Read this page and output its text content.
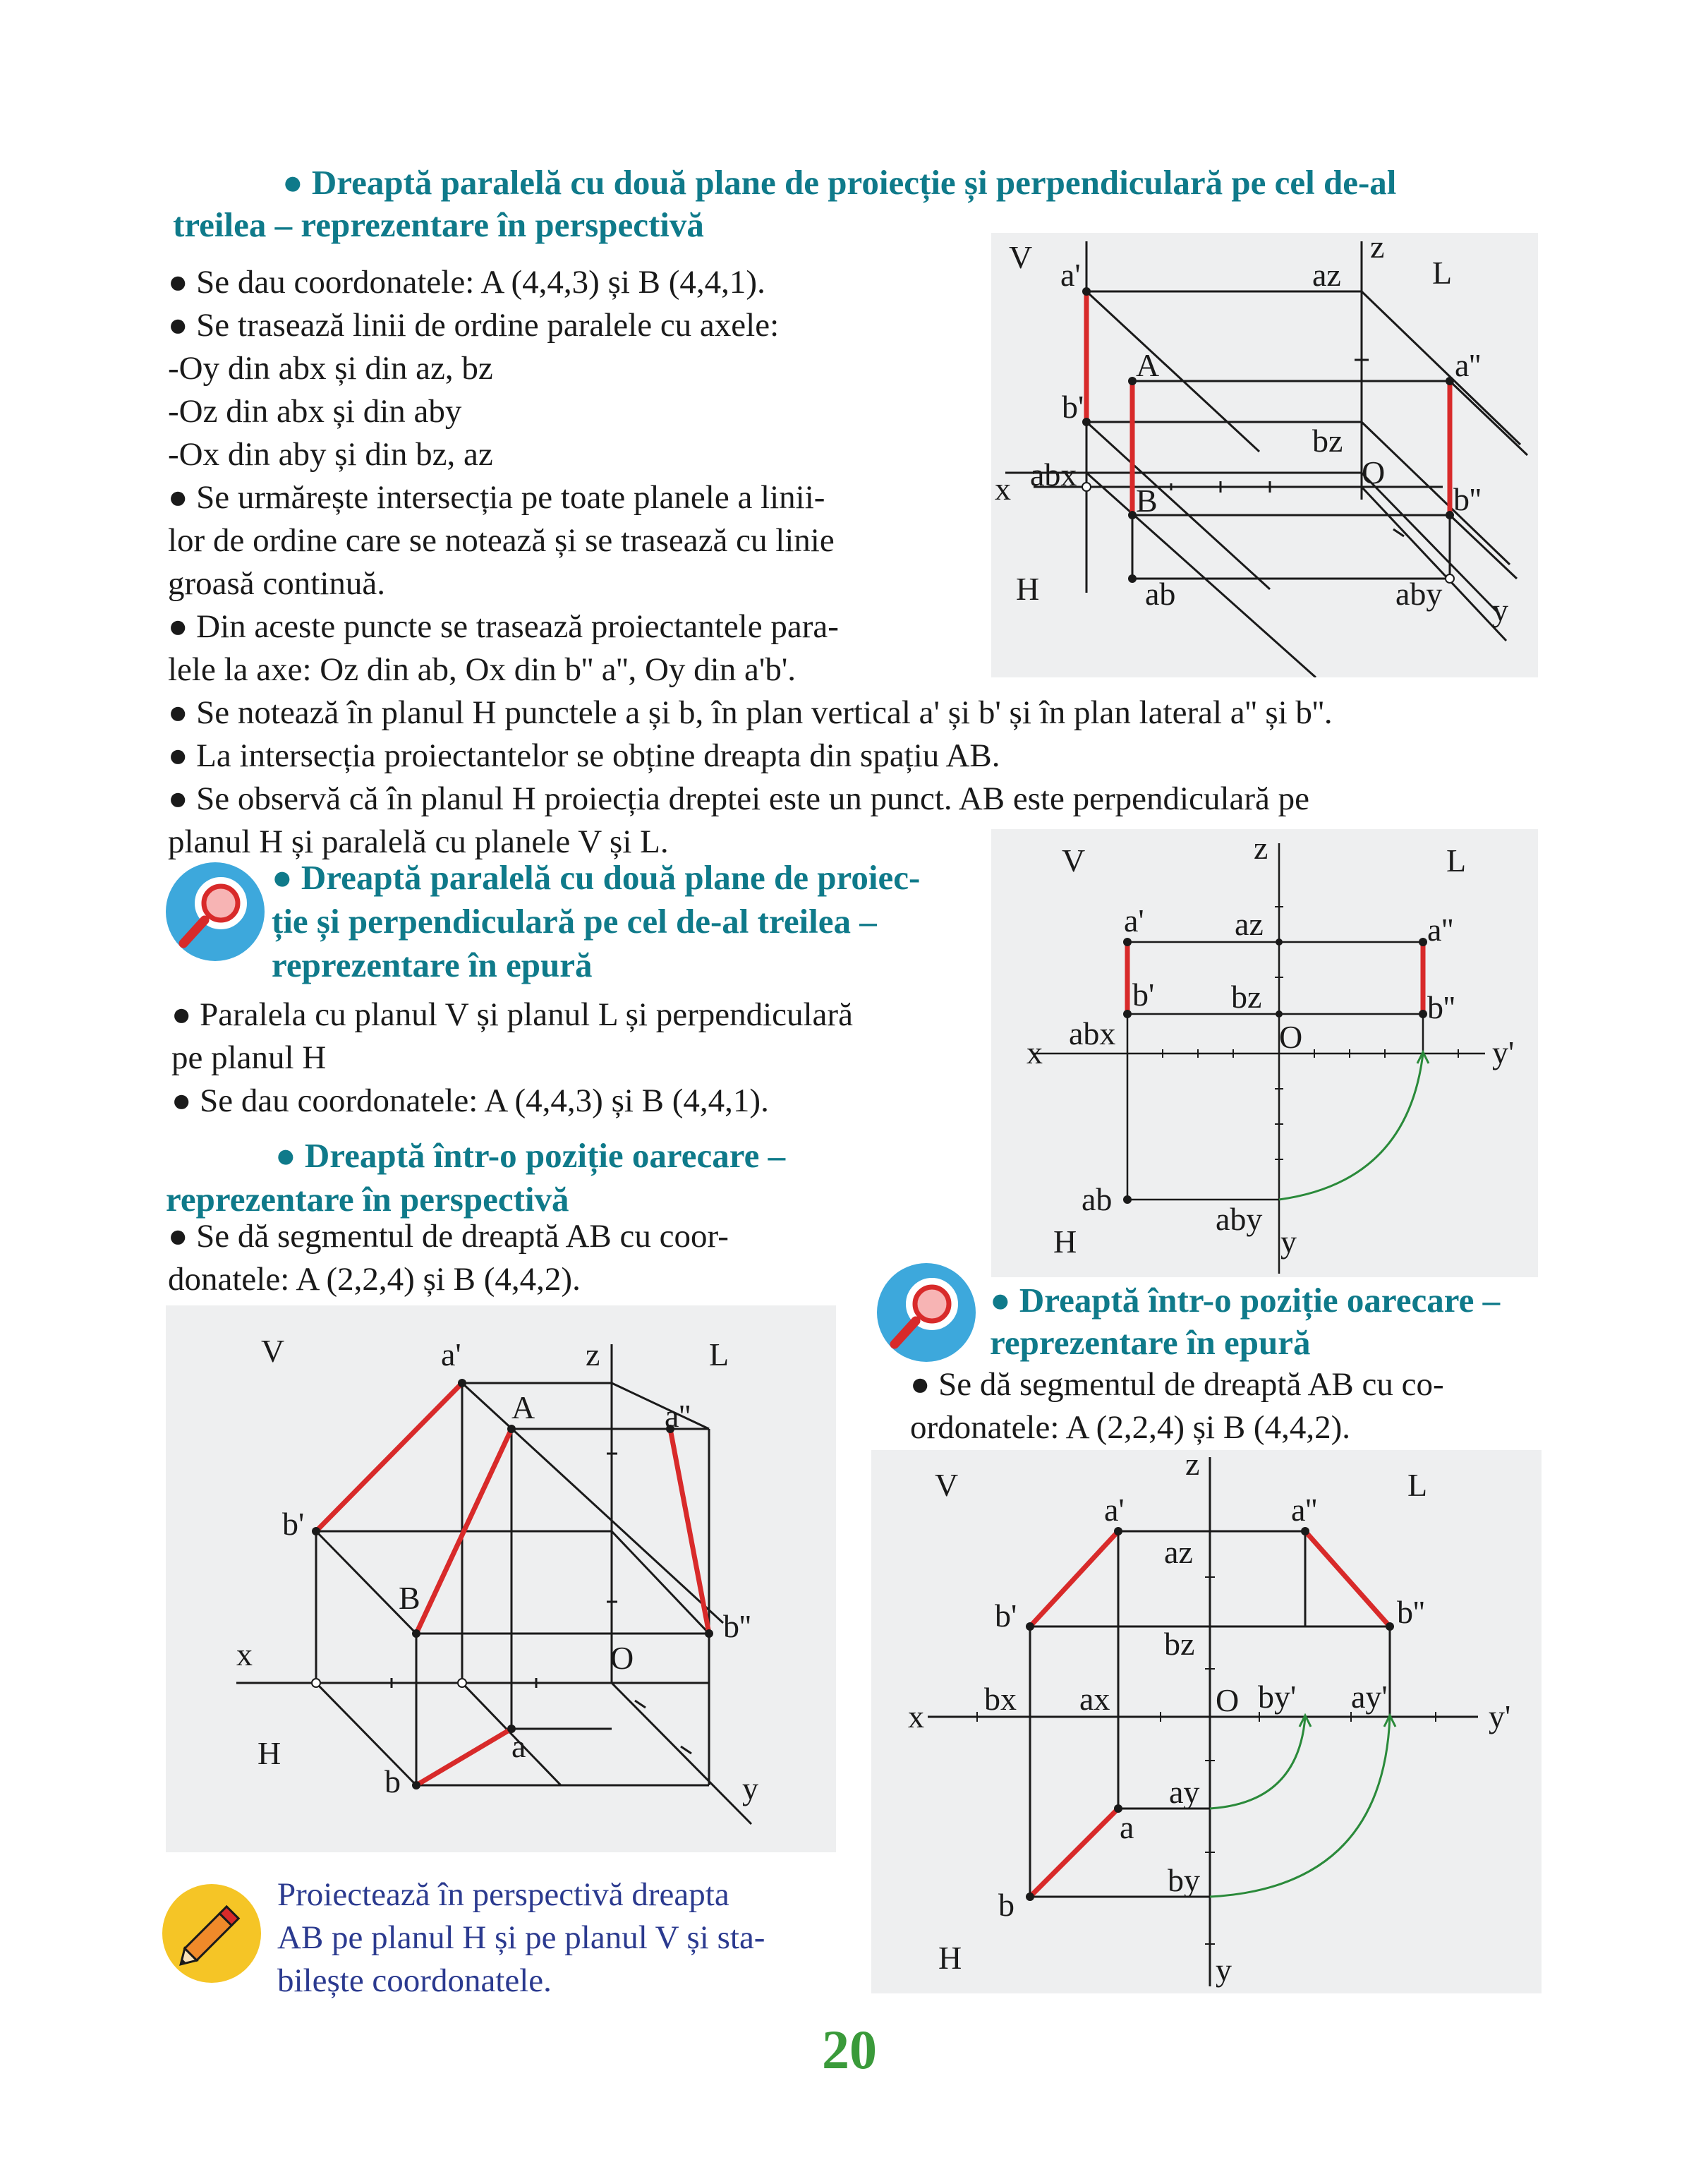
● Dreaptă paralelă cu două plane de proiecție și perpendiculară pe cel de-al
treilea – reprezentare în perspectivă
● Se dau coordonatele: A (4,4,3) și B (4,4,1).
● Se trasează linii de ordine paralele cu axele:
-Oy din abx și din az, bz
-Oz din abx și din aby
-Ox din aby și din bz, az
● Se urmărește intersecția pe toate planele a linii-
lor de ordine care se notează și se trasează cu linie
groasă continuă.
● Din aceste puncte se trasează proiectantele para-
lele la axe: Oz din ab, Ox din b'' a'', Oy din a'b'.
● Se notează în planul H punctele a și b, în plan vertical a' și b' și în plan lateral a'' și b''.
● La intersecția proiectantelor se obține dreapta din spațiu AB.
● Se observă că în planul H proiecția dreptei este un punct. AB este perpendiculară pe
planul H și paralelă cu planele V și L.
V	z
L
a'	az
A	a''
b'
bz
abx
x	B
O
b''
H	ab	aby y
● Dreaptă paralelă cu două plane de proiec-
ție și perpendiculară pe cel de-al treilea –
reprezentare în epură
● Paralela cu planul V și planul L și perpendiculară
pe planul H
● Se dau coordonatele: A (4,4,3) și B (4,4,1).
V	z	L
a'	az	a''
b' bz	b''
x
abx	O	y'
ab
aby
H	y
● Dreaptă într-o poziție oarecare –
reprezentare în perspectivă
● Se dă segmentul de dreaptă AB cu coor-
donatele: A (2,2,4) și B (4,4,2).
V	a'	z	L
A	a''
b'
B
b''
x	O
H	a
b	y
● Dreaptă într-o poziție oarecare –
reprezentare în epură
● Se dă segmentul de dreaptă AB cu co-
ordonatele: A (2,2,4) și B (4,4,2).
V
z
L
a'	a''
az
b'	b''
bz
x bx ax	O by' ay'
y'
ay
a
by
b
H	y
Proiectează în perspectivă dreapta
AB pe planul H și pe planul V și sta-
bilește coordonatele.
20
